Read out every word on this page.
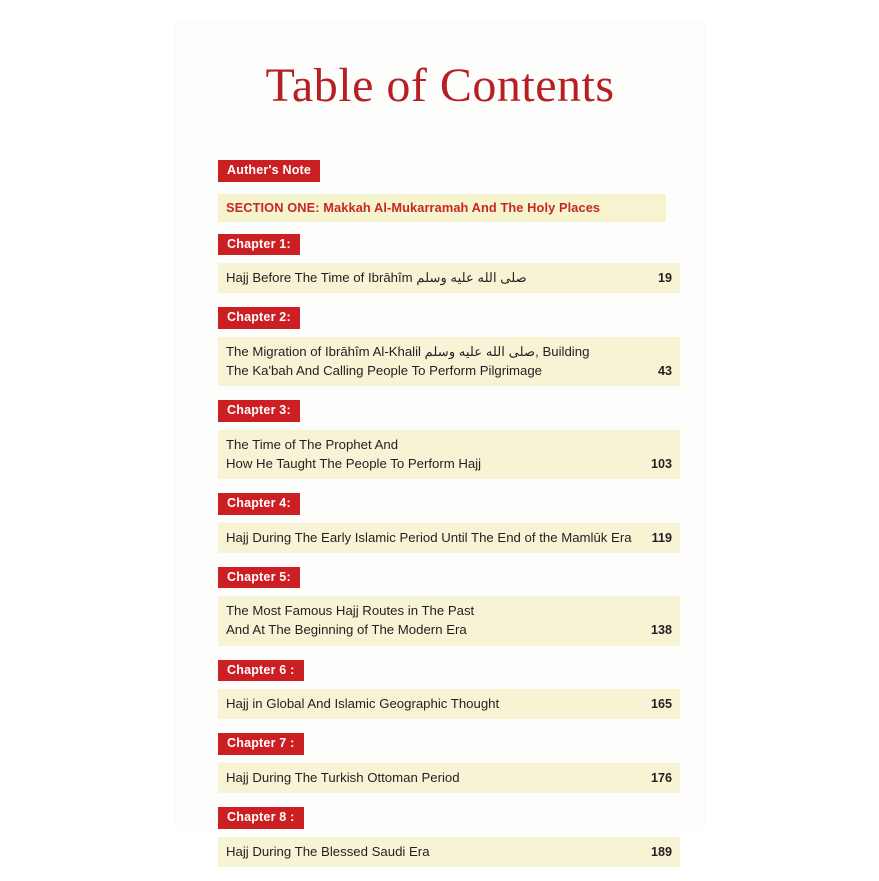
Table of Contents
Auther's Note
SECTION ONE: Makkah Al-Mukarramah And The Holy Places
Chapter 1:
Hajj Before The Time of Ibrāhîm صلى الله عليه وسلم	19
Chapter 2:
The Migration of Ibrāhîm Al-Khalil صلى الله عليه وسلم, Building
The Ka'bah And Calling People To Perform Pilgrimage	43
Chapter 3:
The Time of The Prophet And
How He Taught The People To Perform Hajj	103
Chapter 4:
Hajj During The Early Islamic Period Until The End of the Mamlūk Era	119
Chapter 5:
The Most Famous Hajj Routes in The Past
And At The Beginning of The Modern Era	138
Chapter 6 :
Hajj in Global And Islamic Geographic Thought	165
Chapter 7 :
Hajj During The Turkish Ottoman Period	176
Chapter 8 :
Hajj During The Blessed Saudi Era	189
